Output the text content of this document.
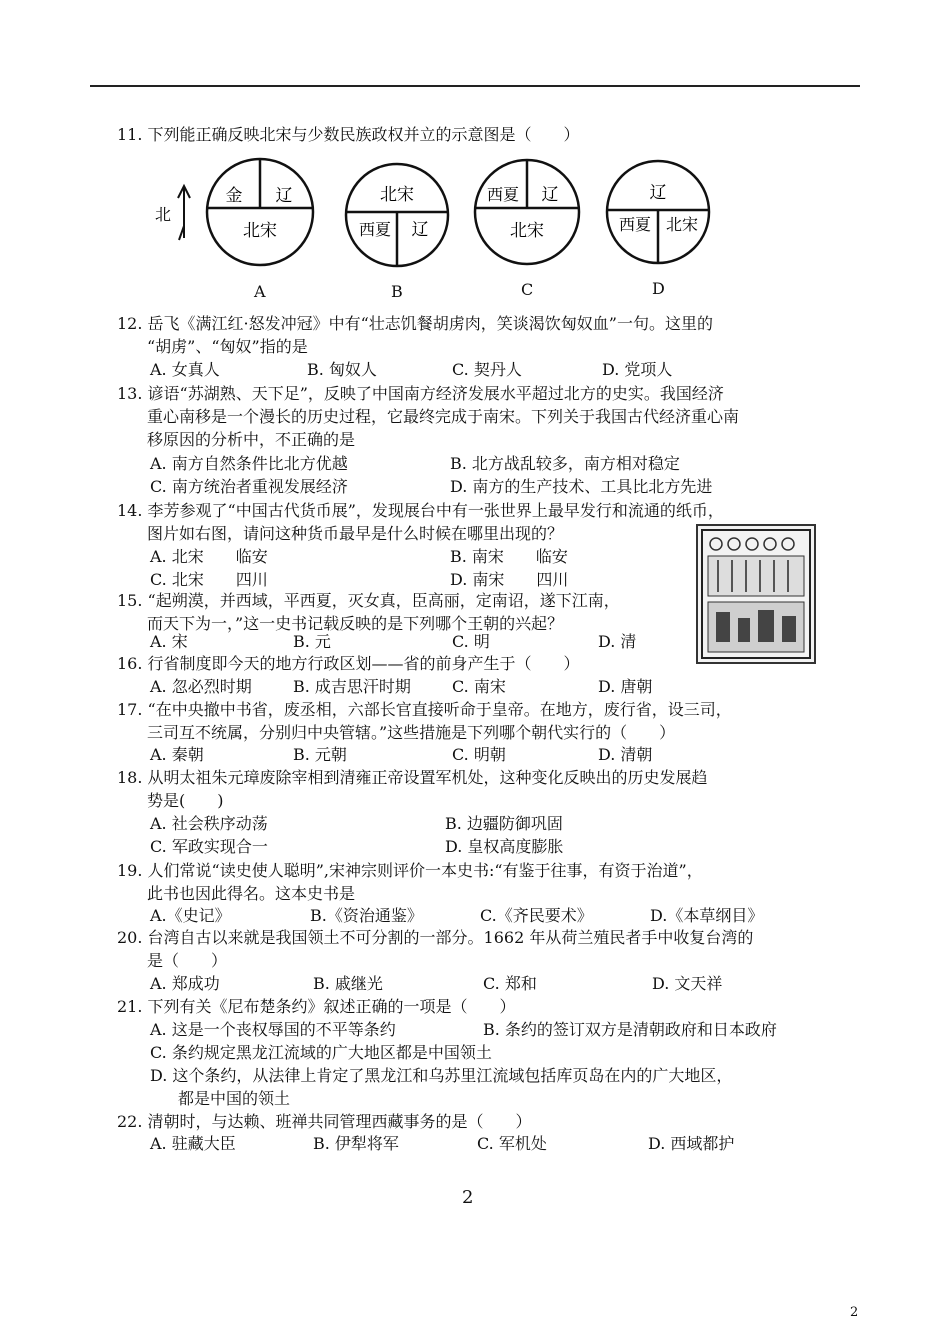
11. 下列能正确反映北宋与少数民族政权并立的示意图是（　　）
北
金 辽
北宋
北宋
西夏 辽
西夏 辽
北宋
辽
西夏 北宋
A	B	C	D
12. 岳飞《满江红·怒发冲冠》中有“壮志饥餐胡虏肉，笑谈渴饮匈奴血”一句。这里的
“胡虏”、“匈奴”指的是
A. 女真人	B. 匈奴人	C. 契丹人	D. 党项人
13. 谚语“苏湖熟、天下足”，反映了中国南方经济发展水平超过北方的史实。我国经济
重心南移是一个漫长的历史过程，它最终完成于南宋。下列关于我国古代经济重心南
移原因的分析中，不正确的是
A. 南方自然条件比北方优越	B. 北方战乱较多，南方相对稳定
C. 南方统治者重视发展经济	D. 南方的生产技术、工具比北方先进
14. 李芳参观了“中国古代货币展”，发现展台中有一张世界上最早发行和流通的纸币，
图片如右图，请问这种货币最早是什么时候在哪里出现的？
A. 北宋　　临安	B. 南宋　　临安
C. 北宋　　四川	D. 南宋　　四川
15. “起朔漠，并西域，平西夏，灭女真，臣高丽，定南诏，遂下江南，
而天下为一，”这一史书记载反映的是下列哪个王朝的兴起？
A. 宋	B. 元	C. 明	D. 清
16. 行省制度即今天的地方行政区划——省的前身产生于（　　）
A. 忽必烈时期	B. 成吉思汗时期	C. 南宋	D. 唐朝
17. “在中央撤中书省，废丞相，六部长官直接听命于皇帝。在地方，废行省，设三司，
三司互不统属，分别归中央管辖。”这些措施是下列哪个朝代实行的（　　）
A. 秦朝	B. 元朝	C. 明朝	D. 清朝
18. 从明太祖朱元璋废除宰相到清雍正帝设置军机处，这种变化反映出的历史发展趋
势是(　　)
A. 社会秩序动荡	B. 边疆防御巩固
C. 军政实现合一	D. 皇权高度膨胀
19. 人们常说“读史使人聪明”,宋神宗则评价一本史书:“有鉴于往事，有资于治道”，
此书也因此得名。这本史书是
A.《史记》	B.《资治通鉴》	C.《齐民要术》	D.《本草纲目》
20. 台湾自古以来就是我国领土不可分割的一部分。1662 年从荷兰殖民者手中收复台湾的
是（　　）
A. 郑成功	B. 戚继光	C. 郑和	D. 文天祥
21. 下列有关《尼布楚条约》叙述正确的一项是（　　）
A. 这是一个丧权辱国的不平等条约	B. 条约的签订双方是清朝政府和日本政府
C. 条约规定黑龙江流域的广大地区都是中国领土
D. 这个条约，从法律上肯定了黑龙江和乌苏里江流域包括库页岛在内的广大地区，
都是中国的领土
22. 清朝时，与达赖、班禅共同管理西藏事务的是（　　）
A. 驻藏大臣	B. 伊犁将军	C. 军机处	D. 西域都护
2
2
